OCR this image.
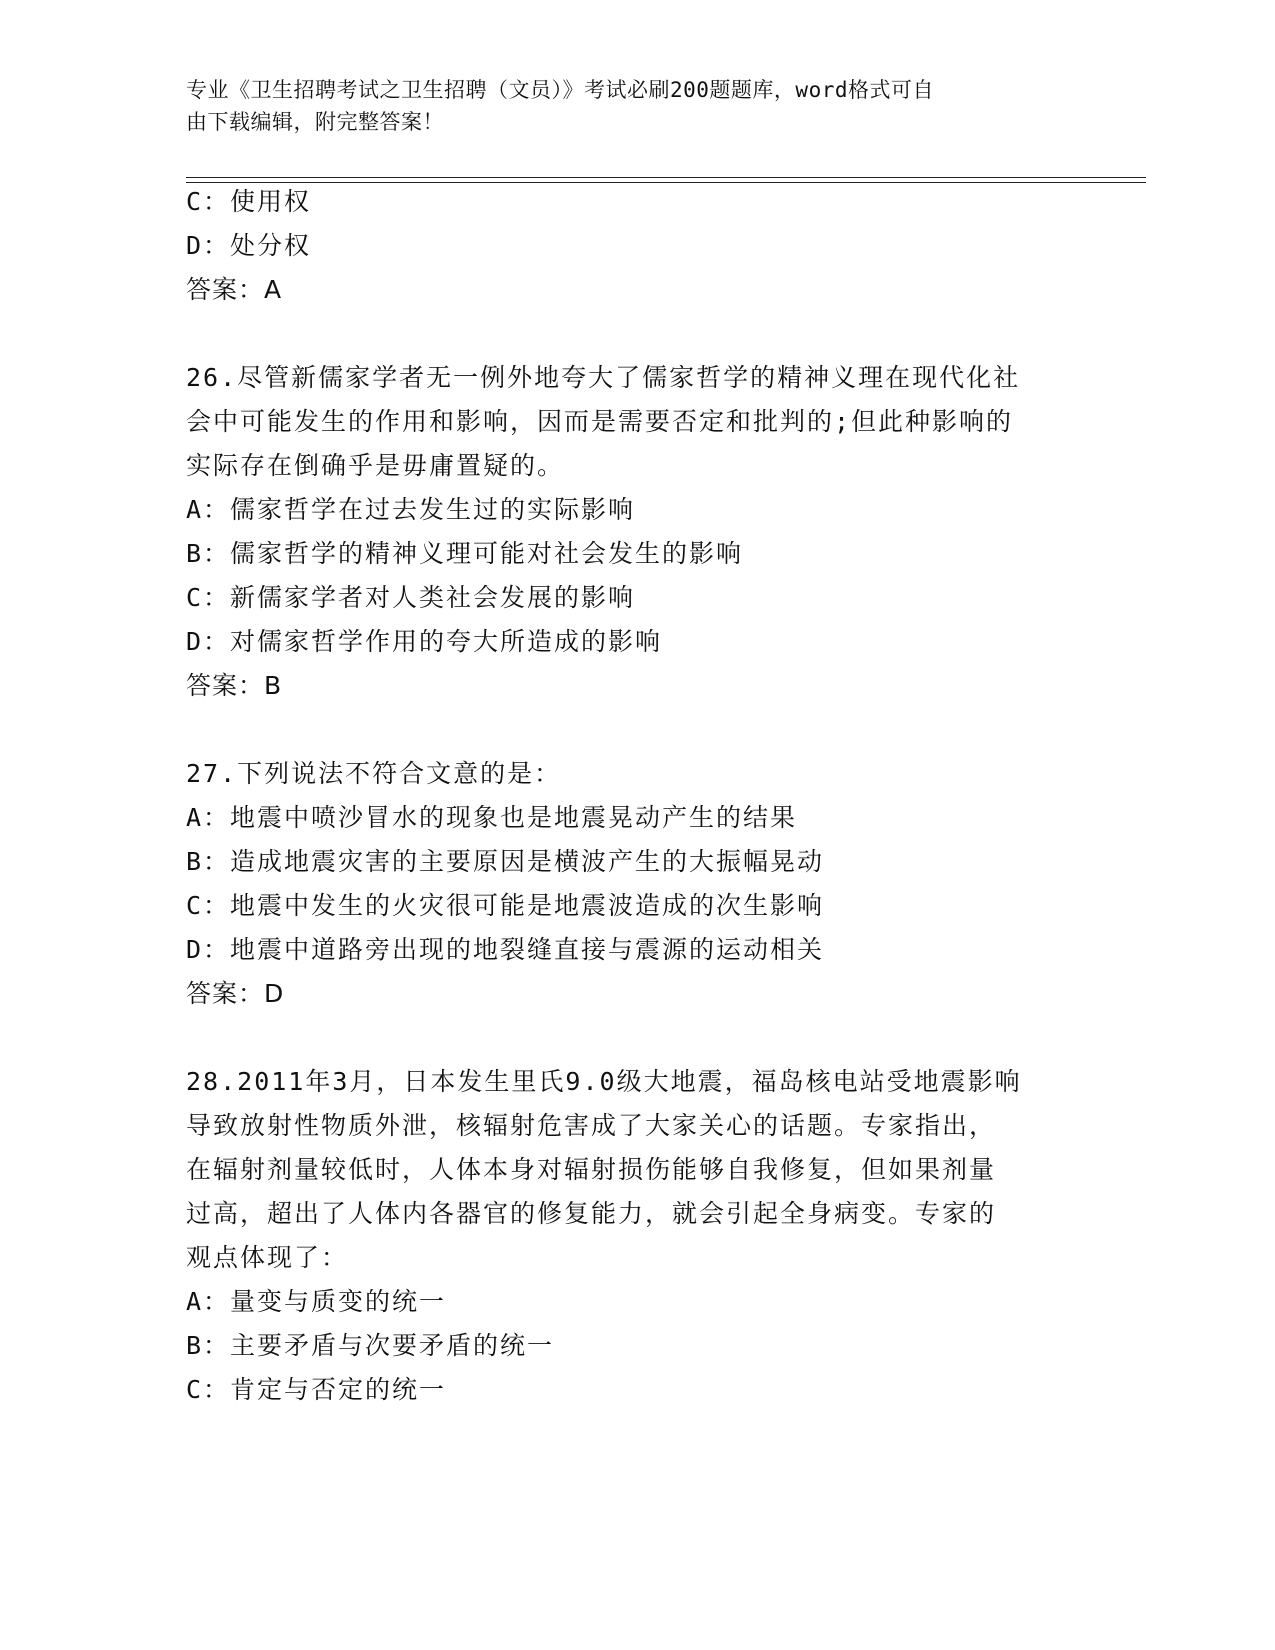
专业《卫生招聘考试之卫生招聘（文员）》考试必刷200题题库，word格式可自
由下载编辑，附完整答案！
C：使用权
D：处分权
答案：A
26.尽管新儒家学者无一例外地夸大了儒家哲学的精神义理在现代化社
会中可能发生的作用和影响，因而是需要否定和批判的;但此种影响的
实际存在倒确乎是毋庸置疑的。
A：儒家哲学在过去发生过的实际影响
B：儒家哲学的精神义理可能对社会发生的影响
C：新儒家学者对人类社会发展的影响
D：对儒家哲学作用的夸大所造成的影响
答案：B
27.下列说法不符合文意的是：
A：地震中喷沙冒水的现象也是地震晃动产生的结果
B：造成地震灾害的主要原因是横波产生的大振幅晃动
C：地震中发生的火灾很可能是地震波造成的次生影响
D：地震中道路旁出现的地裂缝直接与震源的运动相关
答案：D
28.2011年3月，日本发生里氏9.0级大地震，福岛核电站受地震影响
导致放射性物质外泄，核辐射危害成了大家关心的话题。专家指出，
在辐射剂量较低时，人体本身对辐射损伤能够自我修复，但如果剂量
过高，超出了人体内各器官的修复能力，就会引起全身病变。专家的
观点体现了：
A：量变与质变的统一
B：主要矛盾与次要矛盾的统一
C：肯定与否定的统一
